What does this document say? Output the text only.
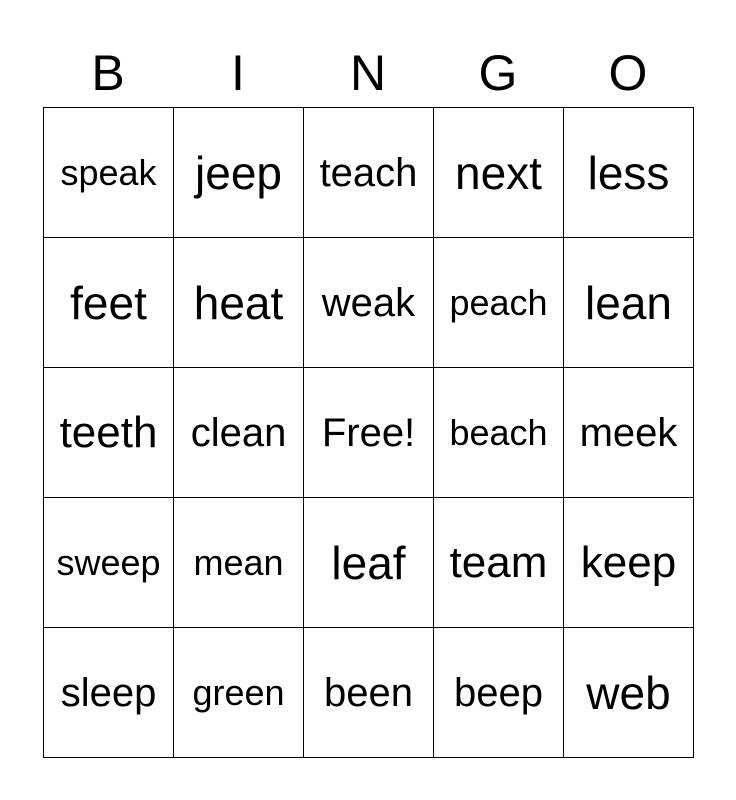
B	I	N	G	O
speak jeep teach next less
feet	heat weak peach lean
teeth clean Free! beach meek
sweep mean	leaf	team keep
sleep	green been	beep web
